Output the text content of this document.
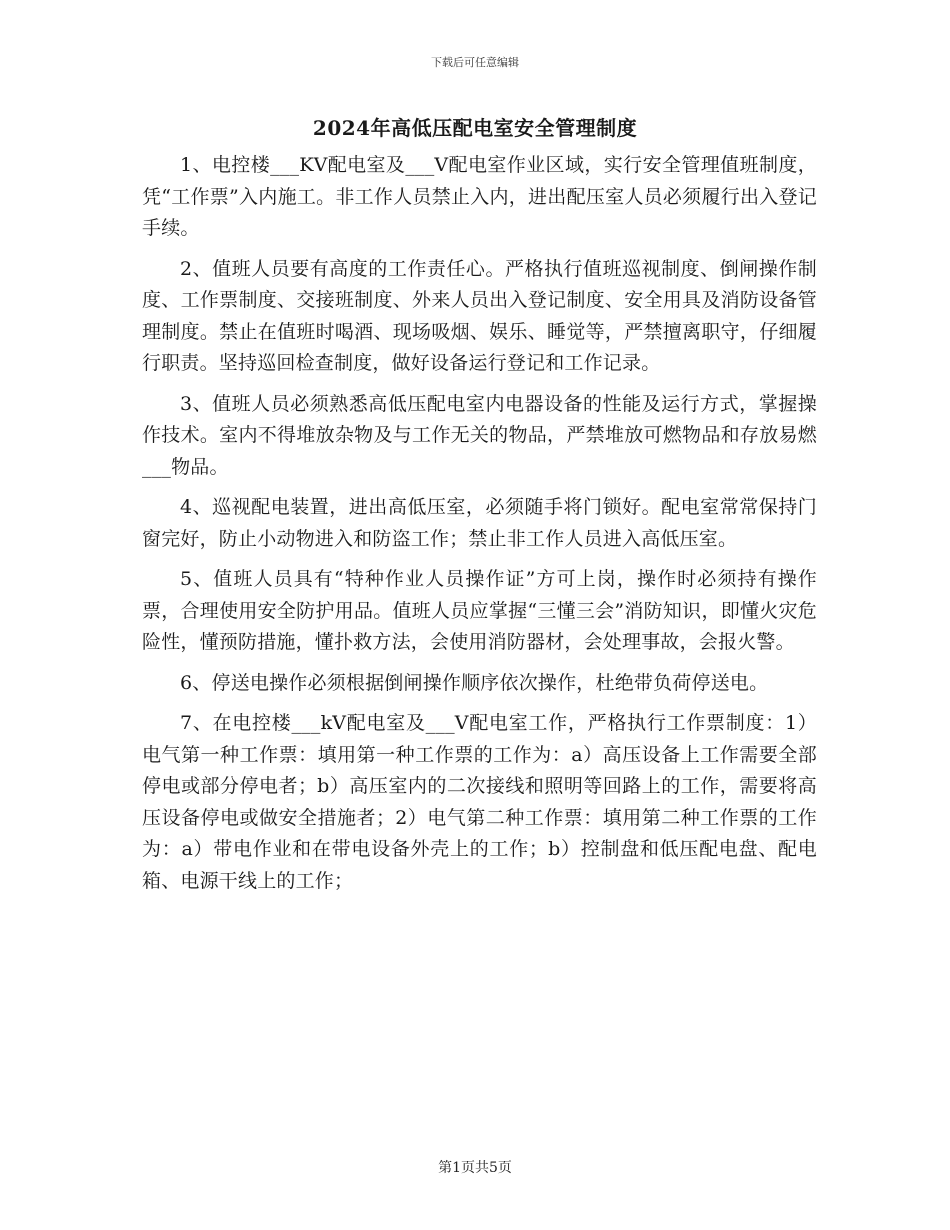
下载后可任意编辑
2024年高低压配电室安全管理制度

1、电控楼___KV配电室及___V配电室作业区域，实行安全管理值班制度，凭“工作票”入内施工。非工作人员禁止入内，进出配压室人员必须履行出入登记手续。

2、值班人员要有高度的工作责任心。严格执行值班巡视制度、倒闸操作制度、工作票制度、交接班制度、外来人员出入登记制度、安全用具及消防设备管理制度。禁止在值班时喝酒、现场吸烟、娱乐、睡觉等，严禁擅离职守，仔细履行职责。坚持巡回检查制度，做好设备运行登记和工作记录。

3、值班人员必须熟悉高低压配电室内电器设备的性能及运行方式，掌握操作技术。室内不得堆放杂物及与工作无关的物品，严禁堆放可燃物品和存放易燃___物品。

4、巡视配电装置，进出高低压室，必须随手将门锁好。配电室常常保持门窗完好，防止小动物进入和防盗工作；禁止非工作人员进入高低压室。

5、值班人员具有“特种作业人员操作证”方可上岗，操作时必须持有操作票，合理使用安全防护用品。值班人员应掌握“三懂三会”消防知识，即懂火灾危险性，懂预防措施，懂扑救方法，会使用消防器材，会处理事故，会报火警。

6、停送电操作必须根据倒闸操作顺序依次操作，杜绝带负荷停送电。

7、在电控楼___kV配电室及___V配电室工作，严格执行工作票制度：1）电气第一种工作票：填用第一种工作票的工作为：a）高压设备上工作需要全部停电或部分停电者；b）高压室内的二次接线和照明等回路上的工作，需要将高压设备停电或做安全措施者；2）电气第二种工作票：填用第二种工作票的工作为：a）带电作业和在带电设备外壳上的工作；b）控制盘和低压配电盘、配电箱、电源干线上的工作；

第1页共5页
